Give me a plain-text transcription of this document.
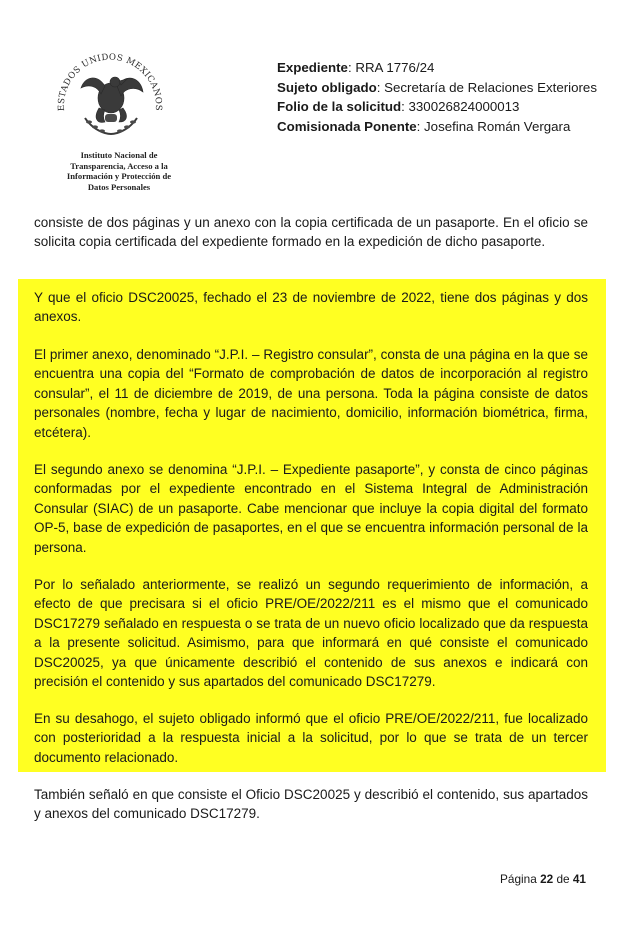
ESTADOS UNIDOS MEXICANOS
Instituto Nacional de
Transparencia, Acceso a la
Información y Protección de
Datos Personales
Expediente: RRA 1776/24
Sujeto obligado: Secretaría de Relaciones Exteriores
Folio de la solicitud: 330026824000013
Comisionada Ponente: Josefina Román Vergara

consiste de dos páginas y un anexo con la copia certificada de un pasaporte. En el oficio se solicita copia certificada del expediente formado en la expedición de dicho pasaporte.

Y que el oficio DSC20025, fechado el 23 de noviembre de 2022, tiene dos páginas y dos anexos.

El primer anexo, denominado “J.P.I. – Registro consular”, consta de una página en la que se encuentra una copia del “Formato de comprobación de datos de incorporación al registro consular”, el 11 de diciembre de 2019, de una persona. Toda la página consiste de datos personales (nombre, fecha y lugar de nacimiento, domicilio, información biométrica, firma, etcétera).

El segundo anexo se denomina “J.P.I. – Expediente pasaporte”, y consta de cinco páginas conformadas por el expediente encontrado en el Sistema Integral de Administración Consular (SIAC) de un pasaporte. Cabe mencionar que incluye la copia digital del formato OP-5, base de expedición de pasaportes, en el que se encuentra información personal de la persona.

Por lo señalado anteriormente, se realizó un segundo requerimiento de información, a efecto de que precisara si el oficio PRE/OE/2022/211 es el mismo que el comunicado DSC17279 señalado en respuesta o se trata de un nuevo oficio localizado que da respuesta a la presente solicitud. Asimismo, para que informará en qué consiste el comunicado DSC20025, ya que únicamente describió el contenido de sus anexos e indicará con precisión el contenido y sus apartados del comunicado DSC17279.

En su desahogo, el sujeto obligado informó que el oficio PRE/OE/2022/211, fue localizado con posterioridad a la respuesta inicial a la solicitud, por lo que se trata de un tercer documento relacionado.

También señaló en que consiste el Oficio DSC20025 y describió el contenido, sus apartados y anexos del comunicado DSC17279.

Página 22 de 41
